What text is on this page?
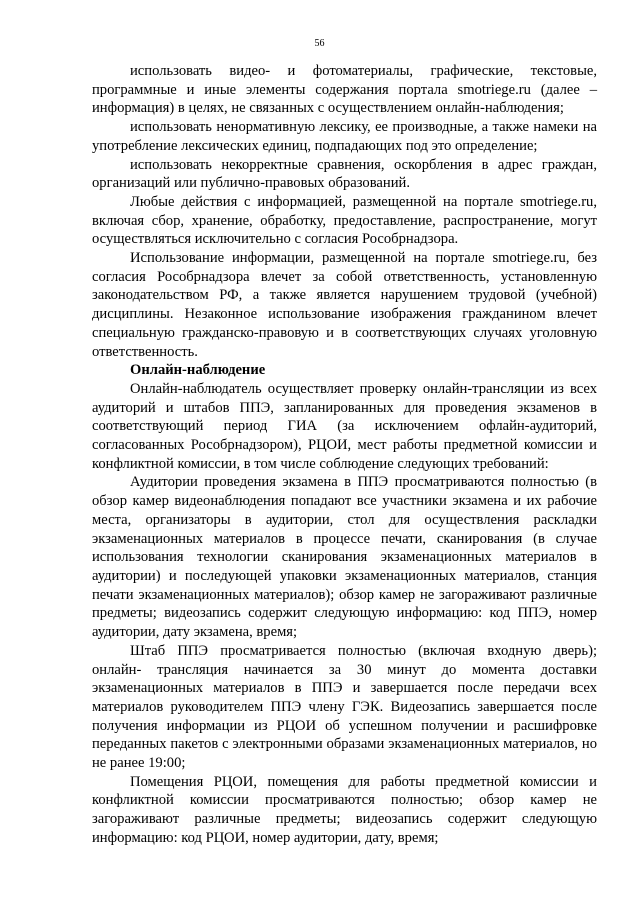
56

использовать видео- и фотоматериалы, графические, текстовые, программные и иные элементы содержания портала smotriege.ru (далее – информация) в целях, не связанных с осуществлением онлайн-наблюдения;

использовать ненормативную лексику, ее производные, а также намеки на употребление лексических единиц, подпадающих под это определение;

использовать некорректные сравнения, оскорбления в адрес граждан, организаций или публично-правовых образований.

Любые действия с информацией, размещенной на портале smotriege.ru, включая сбор, хранение, обработку, предоставление, распространение, могут осуществляться исключительно с согласия Рособрнадзора.

Использование информации, размещенной на портале smotriege.ru, без согласия Рособрнадзора влечет за собой ответственность, установленную законодательством РФ, а также является нарушением трудовой (учебной) дисциплины. Незаконное использование изображения гражданином влечет специальную гражданско-правовую и в соответствующих случаях уголовную ответственность.

Онлайн-наблюдение

Онлайн-наблюдатель осуществляет проверку онлайн-трансляции из всех аудиторий и штабов ППЭ, запланированных для проведения экзаменов в соответствующий период ГИА (за исключением офлайн-аудиторий, согласованных Рособрнадзором), РЦОИ, мест работы предметной комиссии и конфликтной комиссии, в том числе соблюдение следующих требований:

Аудитории проведения экзамена в ППЭ просматриваются полностью (в обзор камер видеонаблюдения попадают все участники экзамена и их рабочие места, организаторы в аудитории, стол для осуществления раскладки экзаменационных материалов в процессе печати, сканирования (в случае использования технологии сканирования экзаменационных материалов в аудитории) и последующей упаковки экзаменационных материалов, станция печати экзаменационных материалов); обзор камер не загораживают различные предметы; видеозапись содержит следующую информацию: код ППЭ, номер аудитории, дату экзамена, время;

Штаб ППЭ просматривается полностью (включая входную дверь); онлайн- трансляция начинается за 30 минут до момента доставки экзаменационных материалов в ППЭ и завершается после передачи всех материалов руководителем ППЭ члену ГЭК. Видеозапись завершается после получения информации из РЦОИ об успешном получении и расшифровке переданных пакетов с электронными образами экзаменационных материалов, но не ранее 19:00;

Помещения РЦОИ, помещения для работы предметной комиссии и конфликтной комиссии просматриваются полностью; обзор камер не загораживают различные предметы; видеозапись содержит следующую информацию: код РЦОИ, номер аудитории, дату, время;
